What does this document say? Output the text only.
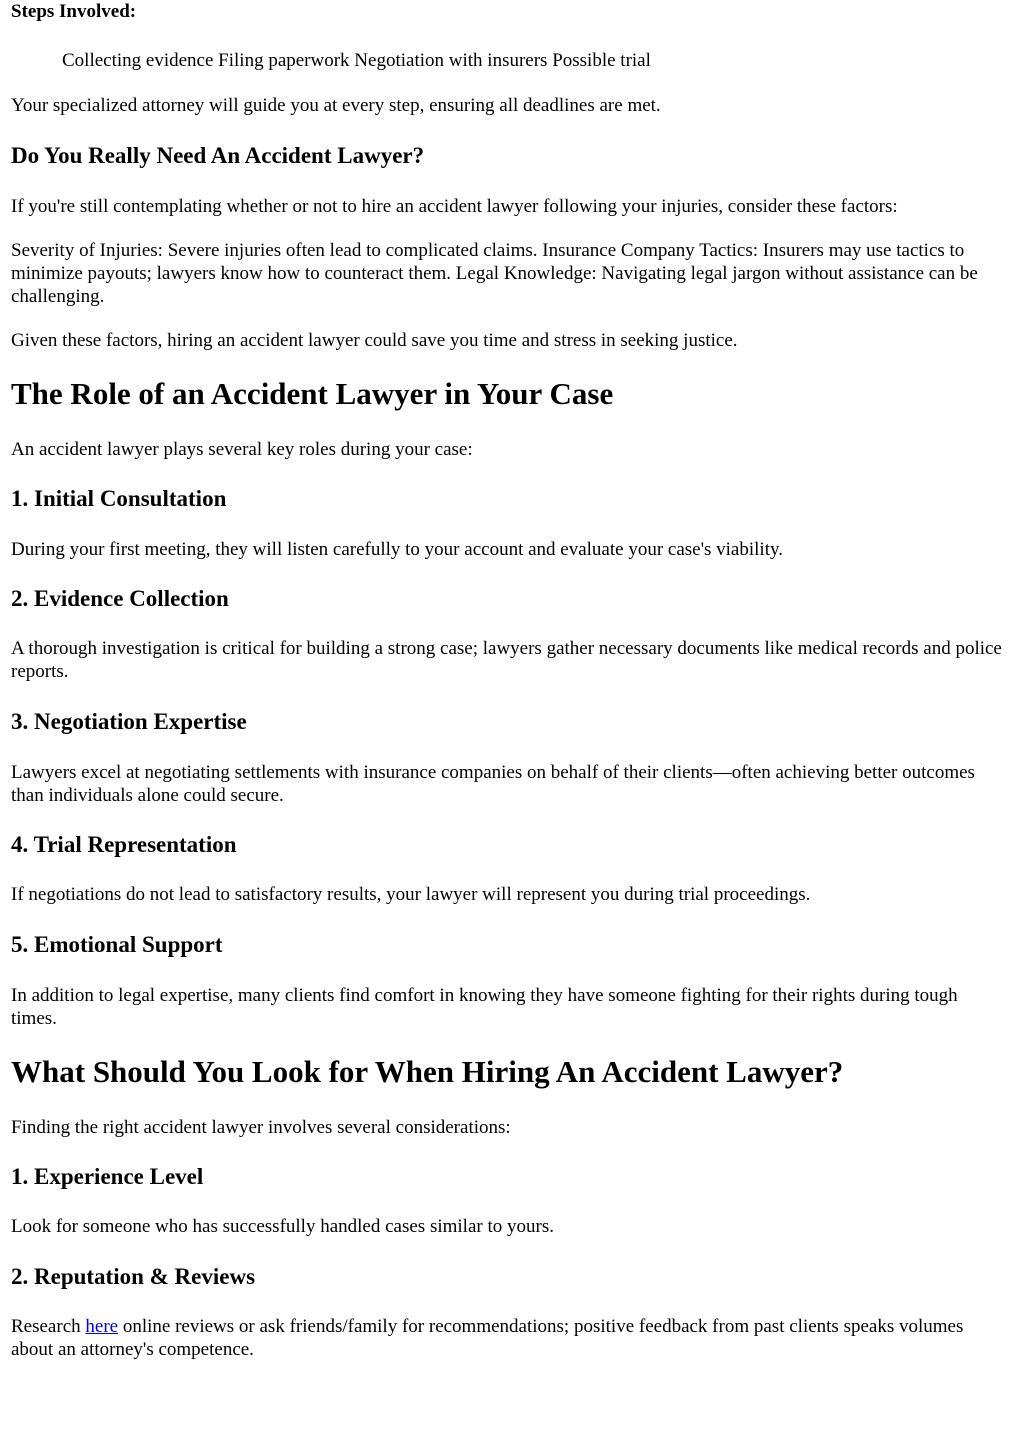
Steps Involved:

Collecting evidence Filing paperwork Negotiation with insurers Possible trial

Your specialized attorney will guide you at every step, ensuring all deadlines are met.

Do You Really Need An Accident Lawyer?

If you're still contemplating whether or not to hire an accident lawyer following your injuries, consider these factors:

Severity of Injuries: Severe injuries often lead to complicated claims. Insurance Company Tactics: Insurers may use tactics to minimize payouts; lawyers know how to counteract them. Legal Knowledge: Navigating legal jargon without assistance can be challenging.

Given these factors, hiring an accident lawyer could save you time and stress in seeking justice.

The Role of an Accident Lawyer in Your Case

An accident lawyer plays several key roles during your case:

1. Initial Consultation

During your first meeting, they will listen carefully to your account and evaluate your case's viability.

2. Evidence Collection

A thorough investigation is critical for building a strong case; lawyers gather necessary documents like medical records and police reports.

3. Negotiation Expertise

Lawyers excel at negotiating settlements with insurance companies on behalf of their clients—often achieving better outcomes than individuals alone could secure.

4. Trial Representation

If negotiations do not lead to satisfactory results, your lawyer will represent you during trial proceedings.

5. Emotional Support

In addition to legal expertise, many clients find comfort in knowing they have someone fighting for their rights during tough times.

What Should You Look for When Hiring An Accident Lawyer?

Finding the right accident lawyer involves several considerations:

1. Experience Level

Look for someone who has successfully handled cases similar to yours.

2. Reputation & Reviews

Research here online reviews or ask friends/family for recommendations; positive feedback from past clients speaks volumes about an attorney's competence.
